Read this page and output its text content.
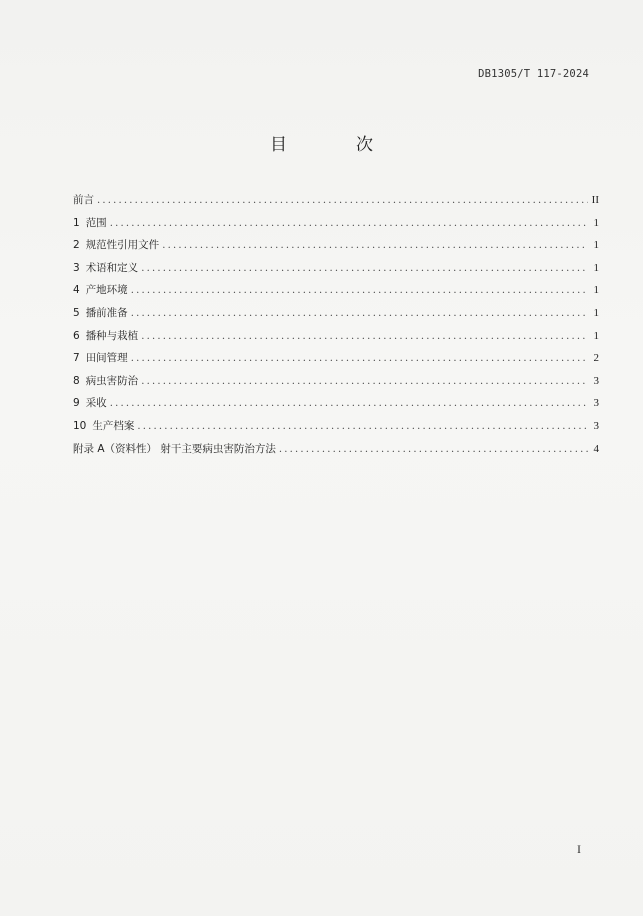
DB1305/T 117-2024
目　次
前言 .....	II
1 范围 .....	1
2 规范性引用文件 .....	1
3 术语和定义 .....	1
4 产地环境 .....	1
5 播前准备 .....	1
6 播种与栽植 .....	1
7 田间管理 .....	2
8 病虫害防治 .....	3
9 采收 .....	3
10 生产档案 .....	3
附录 A（资料性） 射干主要病虫害防治方法 .....	4
I
